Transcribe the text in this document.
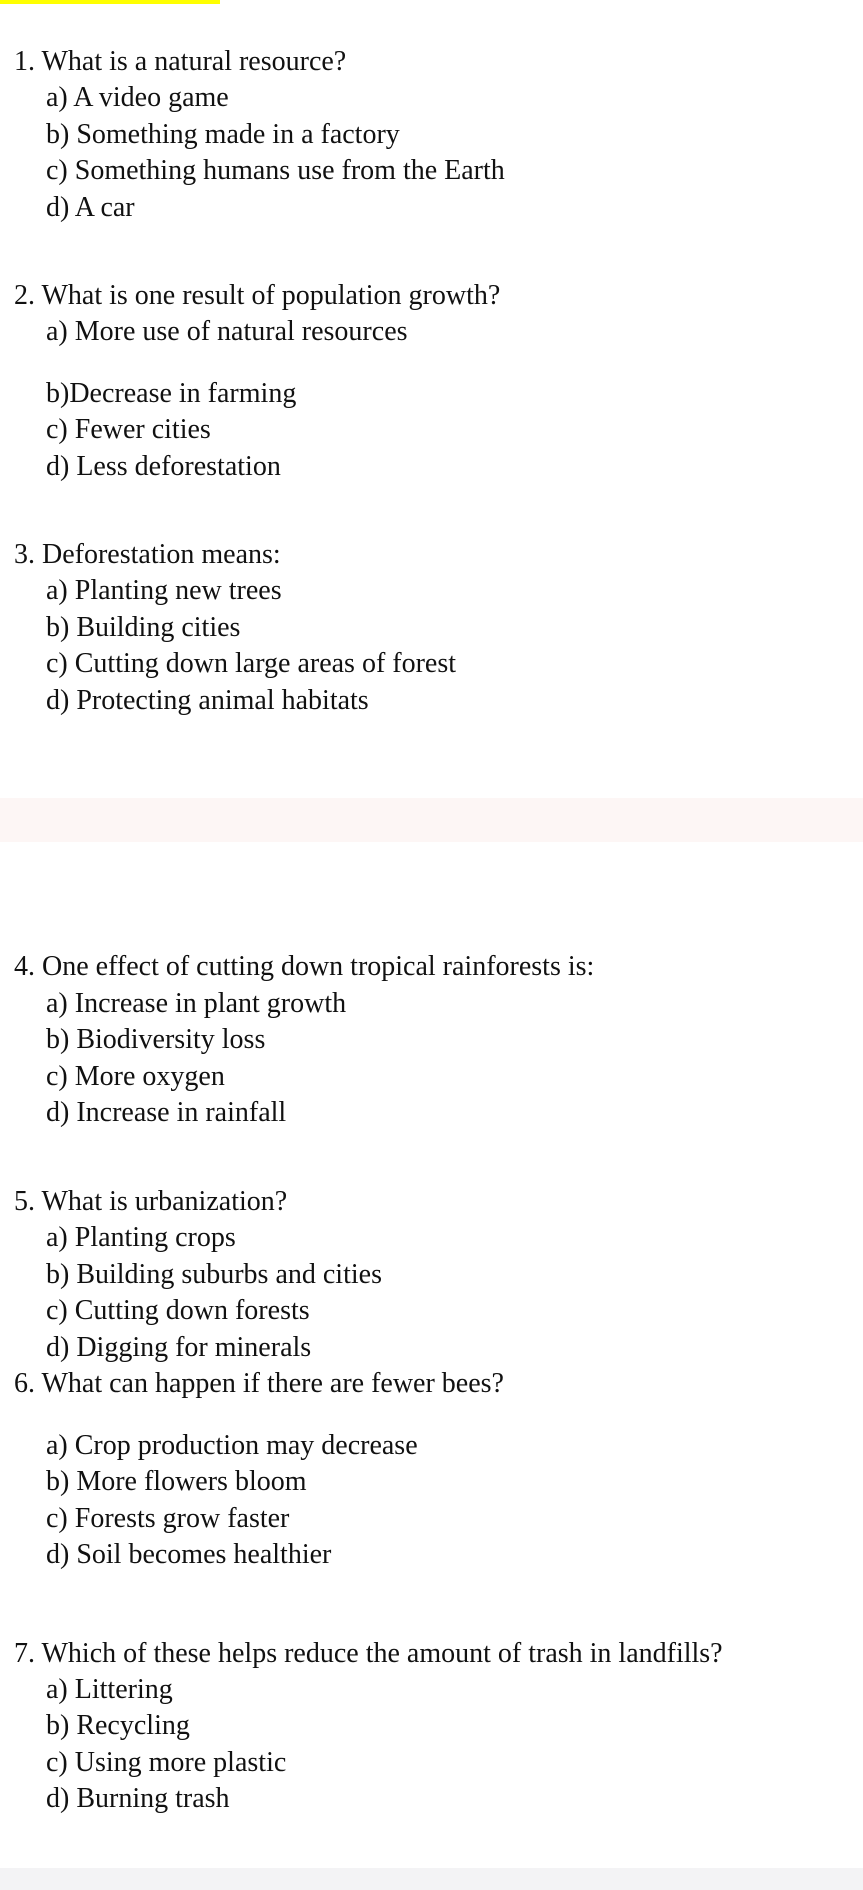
1. What is a natural resource?
a) A video game
b) Something made in a factory
c) Something humans use from the Earth
d) A car
2. What is one result of population growth?
a) More use of natural resources
b)Decrease in farming
c) Fewer cities
d) Less deforestation
3. Deforestation means:
a) Planting new trees
b) Building cities
c) Cutting down large areas of forest
d) Protecting animal habitats
4. One effect of cutting down tropical rainforests is:
a) Increase in plant growth
b) Biodiversity loss
c) More oxygen
d) Increase in rainfall
5. What is urbanization?
a) Planting crops
b) Building suburbs and cities
c) Cutting down forests
d) Digging for minerals
6. What can happen if there are fewer bees?
a) Crop production may decrease
b) More flowers bloom
c) Forests grow faster
d) Soil becomes healthier
7. Which of these helps reduce the amount of trash in landfills?
a) Littering
b) Recycling
c) Using more plastic
d) Burning trash
